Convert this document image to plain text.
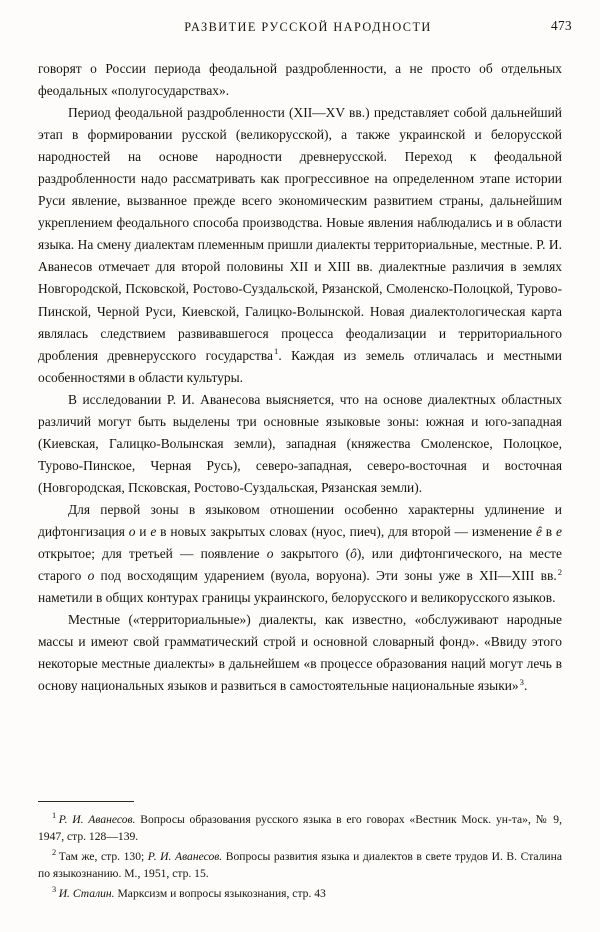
РАЗВИТИЕ РУССКОЙ НАРОДНОСТИ	473

говорят о России периода феодальной раздробленности, а не просто об отдельных феодальных «полугосударствах».

Период феодальной раздробленности (XII—XV вв.) представляет собой дальнейший этап в формировании русской (великорусской), а также украинской и белорусской народностей на основе народности древнерусской. Переход к феодальной раздробленности надо рассматривать как прогрессивное на определенном этапе истории Руси явление, вызванное прежде всего экономическим развитием страны, дальнейшим укреплением феодального способа производства. Новые явления наблюдались и в области языка. На смену диалектам племенным пришли диалекты территориальные, местные. Р. И. Аванесов отмечает для второй половины XII и XIII вв. диалектные различия в землях Новгородской, Псковской, Ростово-Суздальской, Рязанской, Смоленско-Полоцкой, Турово-Пинской, Черной Руси, Киевской, Галицко-Волынской. Новая диалектологическая карта являлась следствием развивавшегося процесса феодализации и территориального дробления древнерусского государства$^1$. Каждая из земель отличалась и местными особенностями в области культуры.

В исследовании Р. И. Аванесова выясняется, что на основе диалектных областных различий могут быть выделены три основные языковые зоны: южная и юго-западная (Киевская, Галицко-Волынская земли), западная (княжества Смоленское, Полоцкое, Турово-Пинское, Черная Русь), северо-западная, северо-восточная и восточная (Новгородская, Псковская, Ростово-Суздальская, Рязанская земли).

Для первой зоны в языковом отношении особенно характерны удлинение и дифтонгизация о и е в новых закрытых словах (нуос, пиеч), для второй — изменение ê в е открытое; для третьей — появление о закрытого (ô), или дифтонгического, на месте старого о под восходящим ударением (вуола, воруона). Эти зоны уже в XII—XIII вв.$^2$ наметили в общих контурах границы украинского, белорусского и великорусского языков.

Местные («территориальные») диалекты, как известно, «обслуживают народные массы и имеют свой грамматический строй и основной словарный фонд». «Ввиду этого некоторые местные диалекты» в дальнейшем «в процессе образования наций могут лечь в основу национальных языков и развиться в самостоятельные национальные языки»$^3$.

$^1$ Р. И. Аванесов. Вопросы образования русского языка в его говорах «Вестник Моск. ун-та», № 9, 1947, стр. 128—139.

$^2$ Там же, стр. 130; Р. И. Аванесов. Вопросы развития языка и диалектов в свете трудов И. В. Сталина по языкознанию. М., 1951, стр. 15.

$^3$ И. Сталин. Марксизм и вопросы языкознания, стр. 43
